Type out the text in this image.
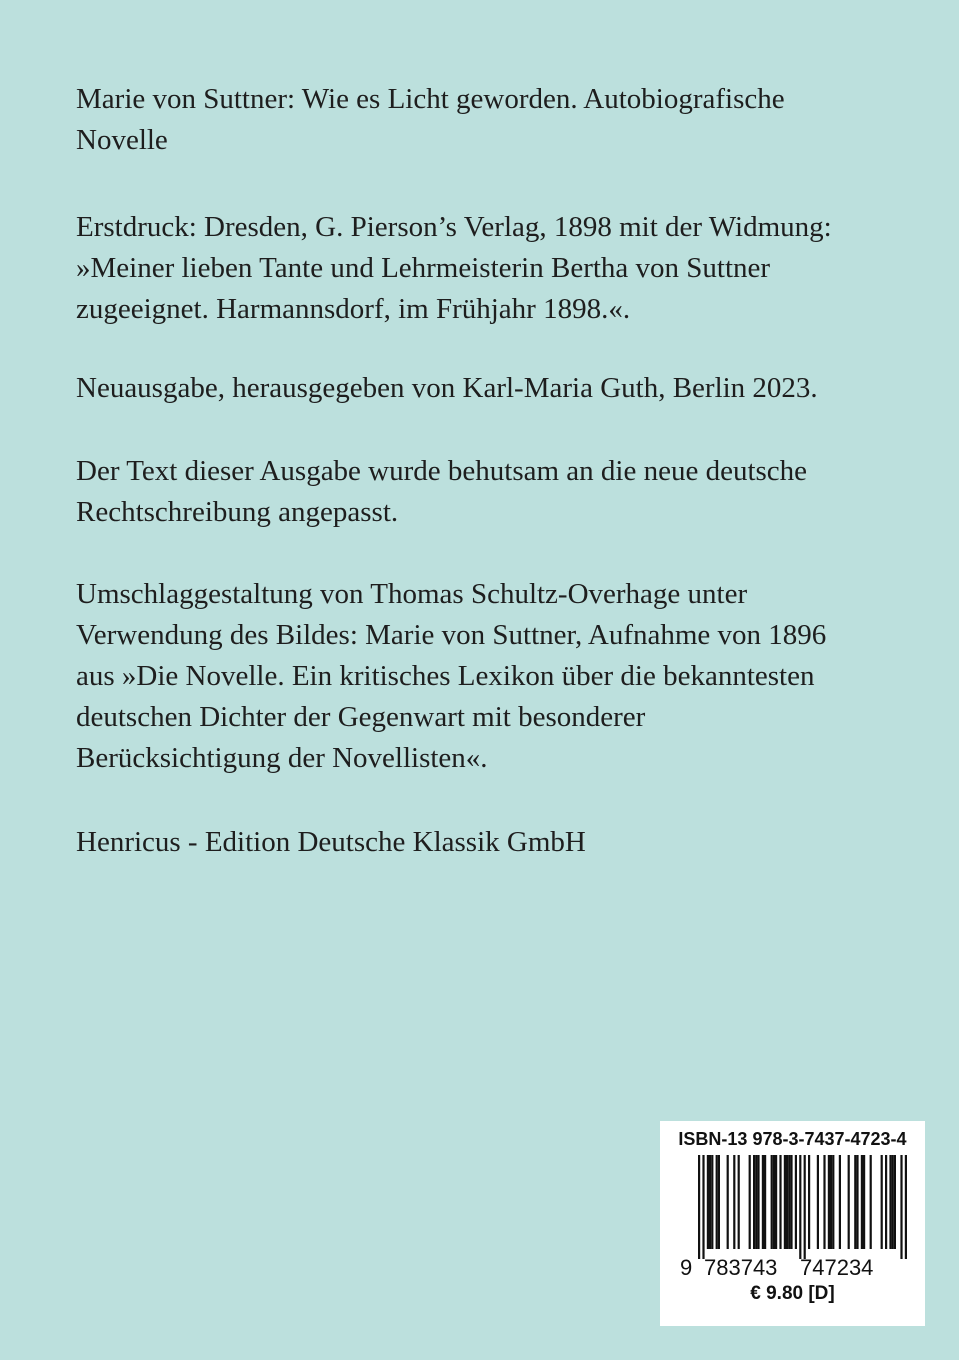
Marie von Suttner: Wie es Licht geworden. Autobiografische
Novelle
Erstdruck: Dresden, G. Pierson’s Verlag, 1898 mit der Widmung:
»Meiner lieben Tante und Lehrmeisterin Bertha von Suttner
zugeeignet. Harmannsdorf, im Frühjahr 1898.«.
Neuausgabe, herausgegeben von Karl-Maria Guth, Berlin 2023.
Der Text dieser Ausgabe wurde behutsam an die neue deutsche
Rechtschreibung angepasst.
Umschlaggestaltung von Thomas Schultz-Overhage unter
Verwendung des Bildes: Marie von Suttner, Aufnahme von 1896
aus »Die Novelle. Ein kritisches Lexikon über die bekanntesten
deutschen Dichter der Gegenwart mit besonderer
Berücksichtigung der Novellisten«.
Henricus - Edition Deutsche Klassik GmbH
ISBN-13 978-3-7437-4723-4
9 783743 747234
€ 9.80 [D]
